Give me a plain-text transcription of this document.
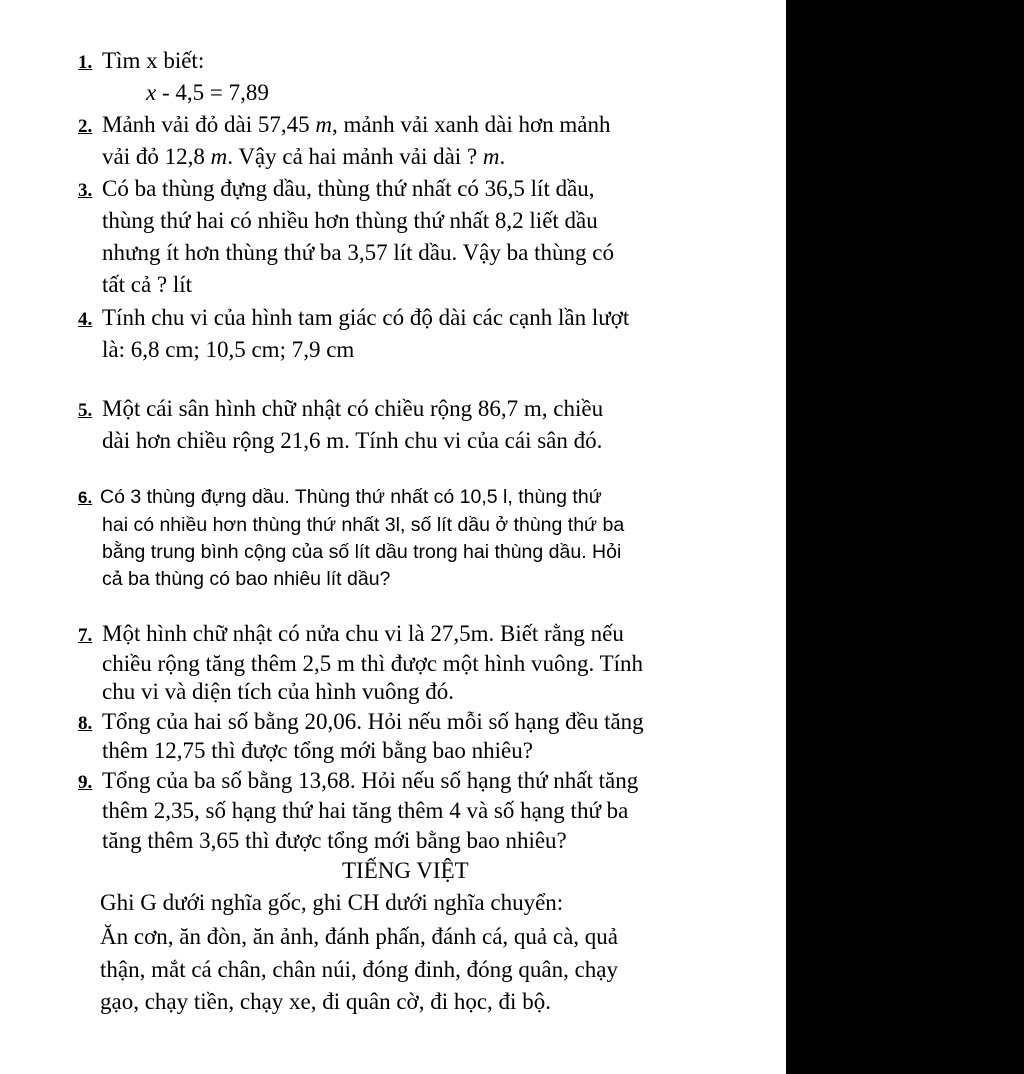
1. Tìm x biết:
x - 4,5 = 7,89
2. Mảnh vải đỏ dài 57,45 m, mảnh vải xanh dài hơn mảnh
vải đỏ 12,8 m. Vậy cả hai mảnh vải dài ? m.
3. Có ba thùng đựng dầu, thùng thứ nhất có 36,5 lít dầu,
thùng thứ hai có nhiều hơn thùng thứ nhất 8,2 liết dầu
nhưng ít hơn thùng thứ ba 3,57 lít dầu. Vậy ba thùng có
tất cả ? lít
4. Tính chu vi của hình tam giác có độ dài các cạnh lần lượt
là: 6,8 cm; 10,5 cm; 7,9 cm
5. Một cái sân hình chữ nhật có chiều rộng 86,7 m, chiều
dài hơn chiều rộng 21,6 m. Tính chu vi của cái sân đó.
6. Có 3 thùng đựng dầu. Thùng thứ nhất có 10,5 l, thùng thứ
hai có nhiều hơn thùng thứ nhất 3l, số lít dầu ở thùng thứ ba
bằng trung bình cộng của số lít dầu trong hai thùng dầu. Hỏi
cả ba thùng có bao nhiêu lít dầu?
7. Một hình chữ nhật có nửa chu vi là 27,5m. Biết rằng nếu
chiều rộng tăng thêm 2,5 m thì được một hình vuông. Tính
chu vi và diện tích của hình vuông đó.
8. Tổng của hai số bằng 20,06. Hỏi nếu mỗi số hạng đều tăng
thêm 12,75 thì được tổng mới bằng bao nhiêu?
9. Tổng của ba số bằng 13,68. Hỏi nếu số hạng thứ nhất tăng
thêm 2,35, số hạng thứ hai tăng thêm 4 và số hạng thứ ba
tăng thêm 3,65 thì được tổng mới bằng bao nhiêu?
TIẾNG VIỆT
Ghi G dưới nghĩa gốc, ghi CH dưới nghĩa chuyển:
Ăn cơn, ăn đòn, ăn ảnh, đánh phấn, đánh cá, quả cà, quả
thận, mắt cá chân, chân núi, đóng đinh, đóng quân, chạy
gạo, chạy tiền, chạy xe, đi quân cờ, đi học, đi bộ.
